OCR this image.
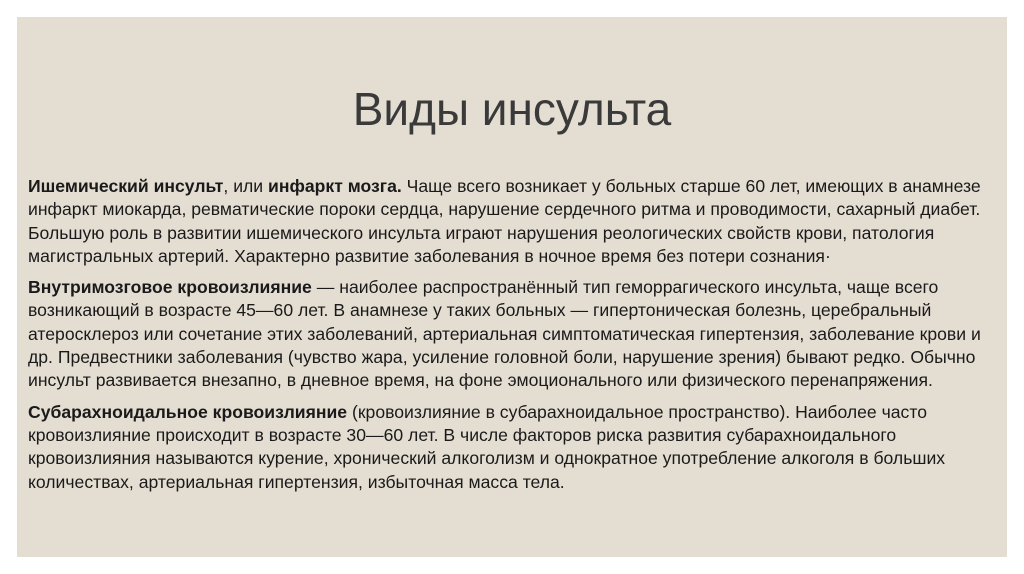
Виды инсульта

Ишемический инсульт, или инфаркт мозга. Чаще всего возникает у больных старше 60 лет, имеющих в анамнезе инфаркт миокарда, ревматические пороки сердца, нарушение сердечного ритма и проводимости, сахарный диабет. Большую роль в развитии ишемического инсульта играют нарушения реологических свойств крови, патология магистральных артерий. Характерно развитие заболевания в ночное время без потери сознания·

Внутримозговое кровоизлияние — наиболее распространённый тип геморрагического инсульта, чаще всего возникающий в возрасте 45—60 лет. В анамнезе у таких больных — гипертоническая болезнь, церебральный атеросклероз или сочетание этих заболеваний, артериальная симптоматическая гипертензия, заболевание крови и др. Предвестники заболевания (чувство жара, усиление головной боли, нарушение зрения) бывают редко. Обычно инсульт развивается внезапно, в дневное время, на фоне эмоционального или физического перенапряжения.

Субарахноидальное кровоизлияние (кровоизлияние в субарахноидальное пространство). Наиболее часто кровоизлияние происходит в возрасте 30—60 лет. В числе факторов риска развития субарахноидального кровоизлияния называются курение, хронический алкоголизм и однократное употребление алкоголя в больших количествах, артериальная гипертензия, избыточная масса тела.
